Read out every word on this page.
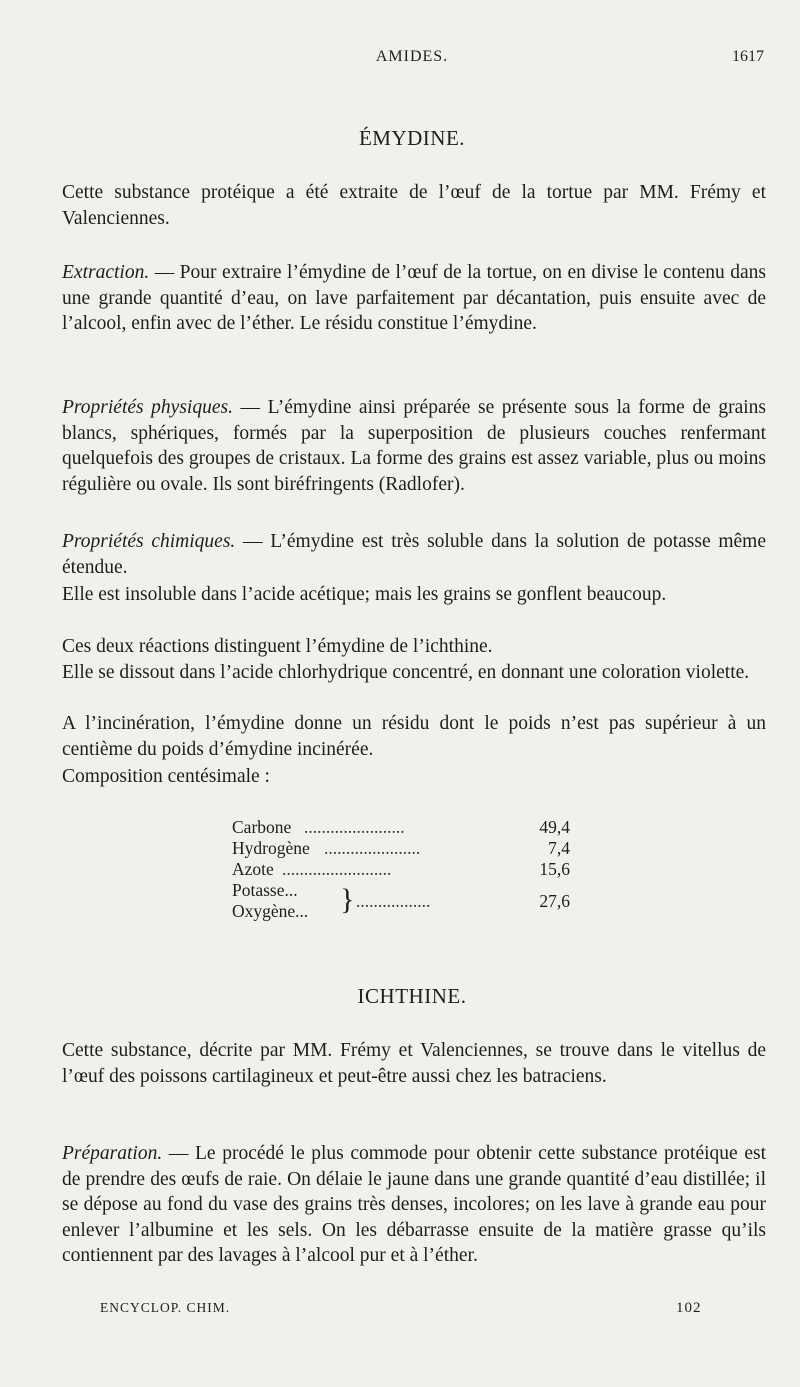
AMIDES.	1617
ÉMYDINE.

Cette substance protéique a été extraite de l’œuf de la tortue par MM. Frémy et Valenciennes.

Extraction. — Pour extraire l’émydine de l’œuf de la tortue, on en divise le contenu dans une grande quantité d’eau, on lave parfaitement par décantation, puis ensuite avec de l’alcool, enfin avec de l’éther. Le résidu constitue l’émydine.

Propriétés physiques. — L’émydine ainsi préparée se présente sous la forme de grains blancs, sphériques, formés par la superposition de plusieurs couches renfermant quelquefois des groupes de cristaux. La forme des grains est assez variable, plus ou moins régulière ou ovale. Ils sont biréfringents (Radlofer).

Propriétés chimiques. — L’émydine est très soluble dans la solution de potasse même étendue.

Elle est insoluble dans l’acide acétique; mais les grains se gonflent beaucoup.

Ces deux réactions distinguent l’émydine de l’ichthine.

Elle se dissout dans l’acide chlorhydrique concentré, en donnant une coloration violette.

A l’incinération, l’émydine donne un résidu dont le poids n’est pas supérieur à un centième du poids d’émydine incinérée.

Composition centésimale :

Carbone .......................	49,4
Hydrogène ......................	7,4
Azote .........................	15,6
Potasse...
Oxygène... } .................	27,6
ICHTHINE.

Cette substance, décrite par MM. Frémy et Valenciennes, se trouve dans le vitellus de l’œuf des poissons cartilagineux et peut-être aussi chez les batraciens.

Préparation. — Le procédé le plus commode pour obtenir cette substance protéique est de prendre des œufs de raie. On délaie le jaune dans une grande quantité d’eau distillée; il se dépose au fond du vase des grains très denses, incolores; on les lave à grande eau pour enlever l’albumine et les sels. On les débarrasse ensuite de la matière grasse qu’ils contiennent par des lavages à l’alcool pur et à l’éther.

ENCYCLOP. CHIM.	102
